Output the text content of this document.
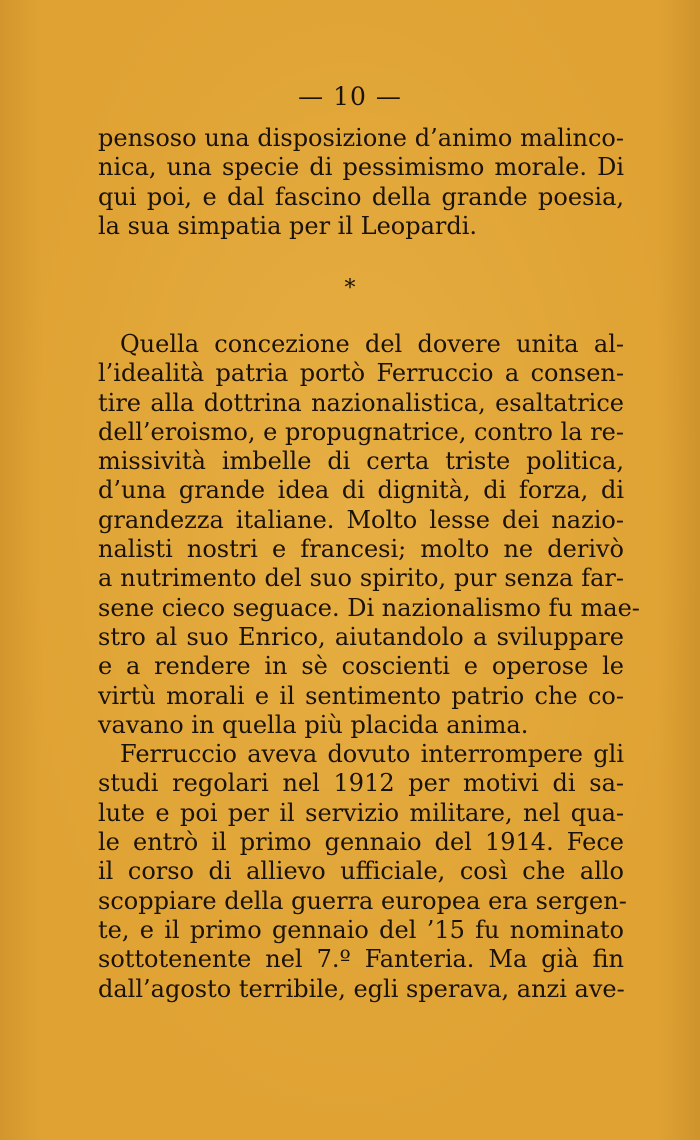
— 10 —
pensoso una disposizione d’animo malinco-
nica, una specie di pessimismo morale. Di
qui poi, e dal fascino della grande poesia,
la sua simpatia per il Leopardi.
*
Quella concezione del dovere unita al-
l’idealità patria portò Ferruccio a consen-
tire alla dottrina nazionalistica, esaltatrice
dell’eroismo, e propugnatrice, contro la re-
missività imbelle di certa triste politica,
d’una grande idea di dignità, di forza, di
grandezza italiane. Molto lesse dei nazio-
nalisti nostri e francesi; molto ne derivò
a nutrimento del suo spirito, pur senza far-
sene cieco seguace. Di nazionalismo fu mae-
stro al suo Enrico, aiutandolo a sviluppare
e a rendere in sè coscienti e operose le
virtù morali e il sentimento patrio che co-
vavano in quella più placida anima.
Ferruccio aveva dovuto interrompere gli
studi regolari nel 1912 per motivi di sa-
lute e poi per il servizio militare, nel qua-
le entrò il primo gennaio del 1914. Fece
il corso di allievo ufficiale, così che allo
scoppiare della guerra europea era sergen-
te, e il primo gennaio del ’15 fu nominato
sottotenente nel 7.º Fanteria. Ma già fin
dall’agosto terribile, egli sperava, anzi ave-
